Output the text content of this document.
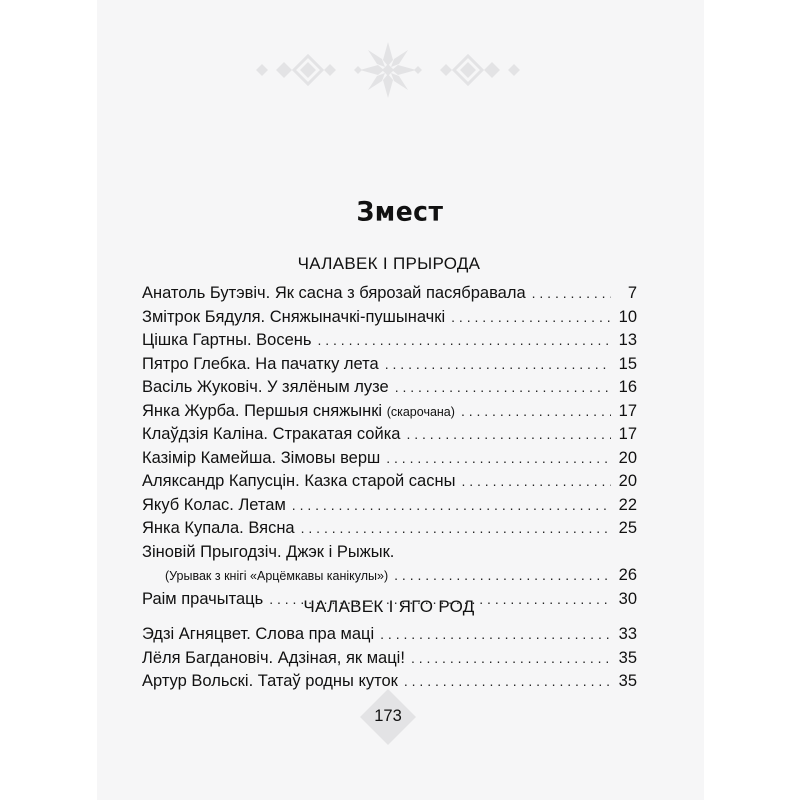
Змест
ЧАЛАВЕК І ПРЫРОДА
Анатоль Бутэвіч. Як сасна з бярозай пасябравала . . .	7
Змітрок Бядуля. Сняжыначкі-пушыначкі . . .	10
Цішка Гартны. Восень . . .	13
Пятро Глебка. На пачатку лета . . .	15
Васіль Жуковіч. У зялёным лузе . . .	16
Янка Журба. Першыя сняжынкі
(скарочана) . . .	17
Клаўдзія Каліна. Стракатая сойка . . .	17
Казімір Камейша. Зімовы верш . . .	20
Аляксандр Капусцін. Казка старой сасны . . .	20
Якуб Колас. Летам . . .	22
Янка Купала. Вясна . . .	25
Зіновій Прыгодзіч. Джэк і Рыжык.
(Урывак з кнігі «Арцёмкавы канікулы») . . .	26
Раім прачытаць . . .	30
ЧАЛАВЕК І ЯГО РОД
Эдзі Агняцвет. Слова пра маці . . .	33
Лёля Багдановіч. Адзіная, як маці! . . .	35
Артур Вольскі. Татаў родны куток . . .	35
173
